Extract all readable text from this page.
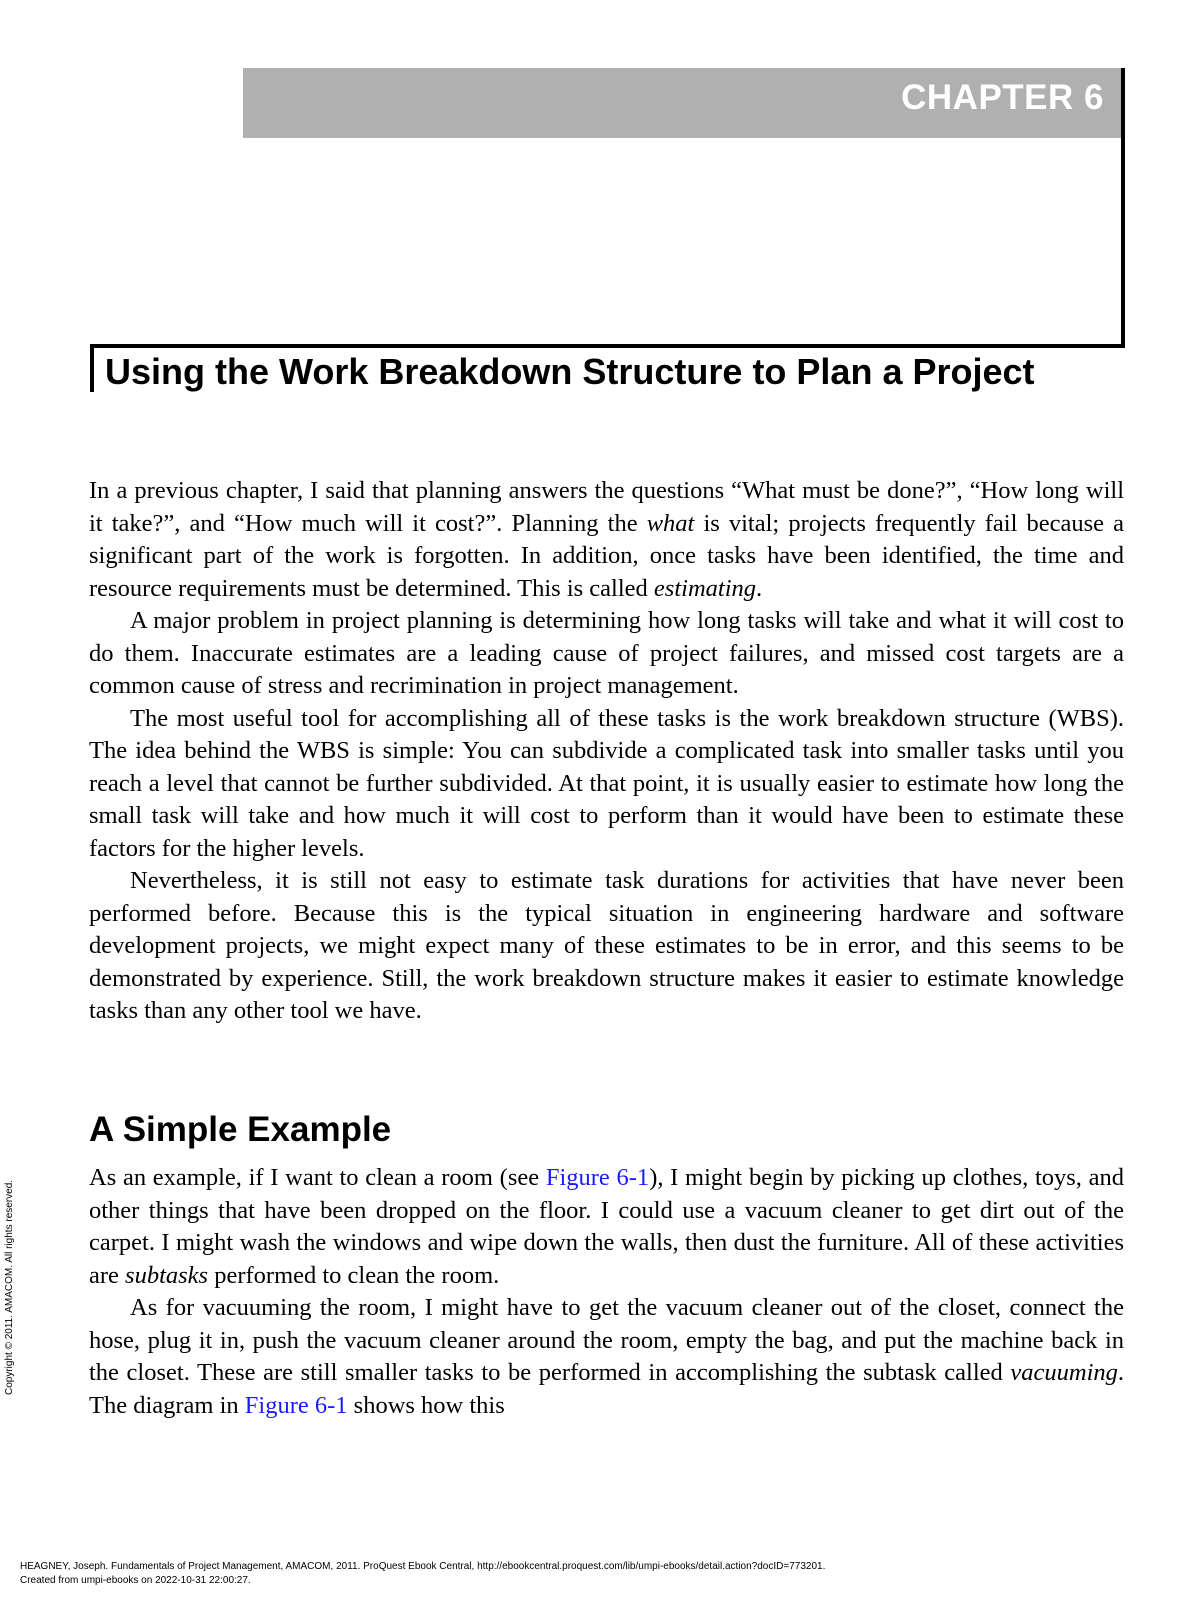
CHAPTER 6
Using the Work Breakdown Structure to Plan a Project

In a previous chapter, I said that planning answers the questions “What must be done?”, “How long will it take?”, and “How much will it cost?”. Planning the what is vital; projects frequently fail because a significant part of the work is forgotten. In addition, once tasks have been identified, the time and resource requirements must be determined. This is called estimating.

A major problem in project planning is determining how long tasks will take and what it will cost to do them. Inaccurate estimates are a leading cause of project failures, and missed cost targets are a common cause of stress and recrimination in project management.

The most useful tool for accomplishing all of these tasks is the work breakdown structure (WBS). The idea behind the WBS is simple: You can subdivide a complicated task into smaller tasks until you reach a level that cannot be further subdivided. At that point, it is usually easier to estimate how long the small task will take and how much it will cost to perform than it would have been to estimate these factors for the higher levels.

Nevertheless, it is still not easy to estimate task durations for activities that have never been performed before. Because this is the typical situation in engineering hardware and software development projects, we might expect many of these estimates to be in error, and this seems to be demonstrated by experience. Still, the work breakdown structure makes it easier to estimate knowledge tasks than any other tool we have.

A Simple Example

As an example, if I want to clean a room (see Figure 6-1), I might begin by picking up clothes, toys, and other things that have been dropped on the floor. I could use a vacuum cleaner to get dirt out of the carpet. I might wash the windows and wipe down the walls, then dust the furniture. All of these activities are subtasks performed to clean the room.

As for vacuuming the room, I might have to get the vacuum cleaner out of the closet, connect the hose, plug it in, push the vacuum cleaner around the room, empty the bag, and put the machine back in the closet. These are still smaller tasks to be performed in accomplishing the subtask called vacuuming. The diagram in Figure 6-1 shows how this

Copyright © 2011. AMACOM. All rights reserved.
HEAGNEY, Joseph. Fundamentals of Project Management, AMACOM, 2011. ProQuest Ebook Central, http://ebookcentral.proquest.com/lib/umpi-ebooks/detail.action?docID=773201.
Created from umpi-ebooks on 2022-10-31 22:00:27.
